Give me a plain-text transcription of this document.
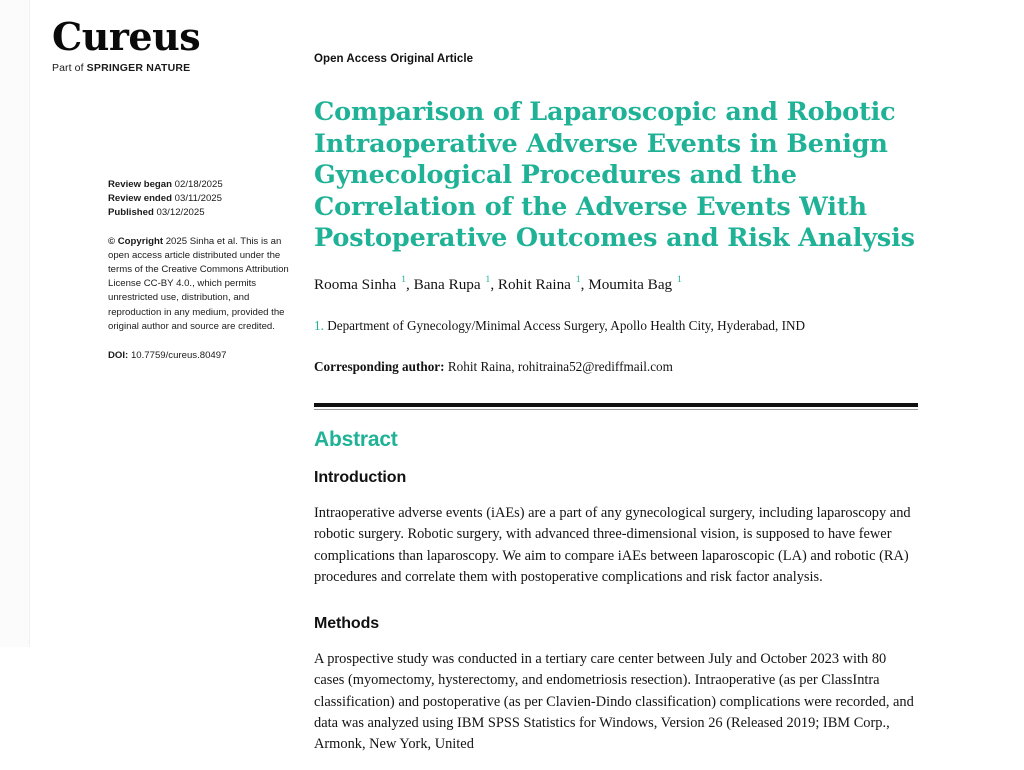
Cureus
Part of SPRINGER NATURE
Review began 02/18/2025
Review ended 03/11/2025
Published 03/12/2025
© Copyright 2025 Sinha et al. This is an open access article distributed under the terms of the Creative Commons Attribution License CC-BY 4.0., which permits unrestricted use, distribution, and reproduction in any medium, provided the original author and source are credited.
DOI: 10.7759/cureus.80497
Open Access Original Article
Comparison of Laparoscopic and Robotic Intraoperative Adverse Events in Benign Gynecological Procedures and the Correlation of the Adverse Events With Postoperative Outcomes and Risk Analysis
Rooma Sinha $^1$, Bana Rupa $^1$, Rohit Raina $^1$, Moumita Bag $^1$
1. Department of Gynecology/Minimal Access Surgery, Apollo Health City, Hyderabad, IND
Corresponding author: Rohit Raina, rohitraina52@rediffmail.com
Abstract
Introduction

Intraoperative adverse events (iAEs) are a part of any gynecological surgery, including laparoscopy and robotic surgery. Robotic surgery, with advanced three-dimensional vision, is supposed to have fewer complications than laparoscopy. We aim to compare iAEs between laparoscopic (LA) and robotic (RA) procedures and correlate them with postoperative complications and risk factor analysis.

Methods

A prospective study was conducted in a tertiary care center between July and October 2023 with 80 cases (myomectomy, hysterectomy, and endometriosis resection). Intraoperative (as per ClassIntra classification) and postoperative (as per Clavien-Dindo classification) complications were recorded, and data was analyzed using IBM SPSS Statistics for Windows, Version 26 (Released 2019; IBM Corp., Armonk, New York, United
